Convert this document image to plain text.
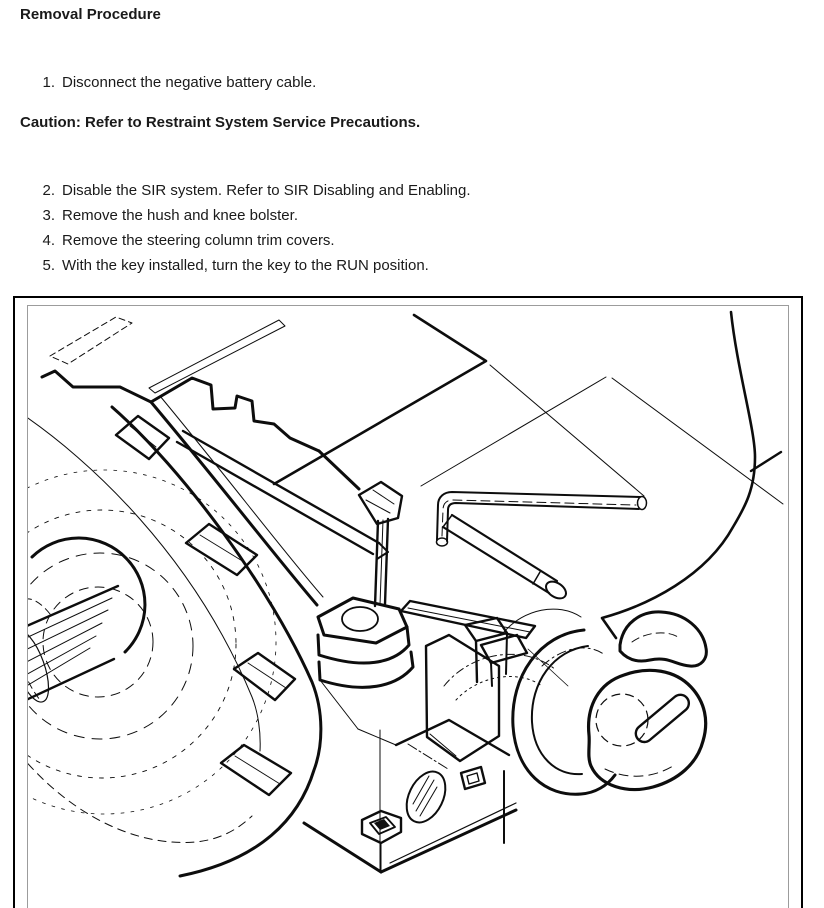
Removal Procedure
1. Disconnect the negative battery cable.
Caution: Refer to Restraint System Service Precautions.
2. Disable the SIR system. Refer to SIR Disabling and Enabling.
3. Remove the hush and knee bolster.
4. Remove the steering column trim covers.
5. With the key installed, turn the key to the RUN position.
